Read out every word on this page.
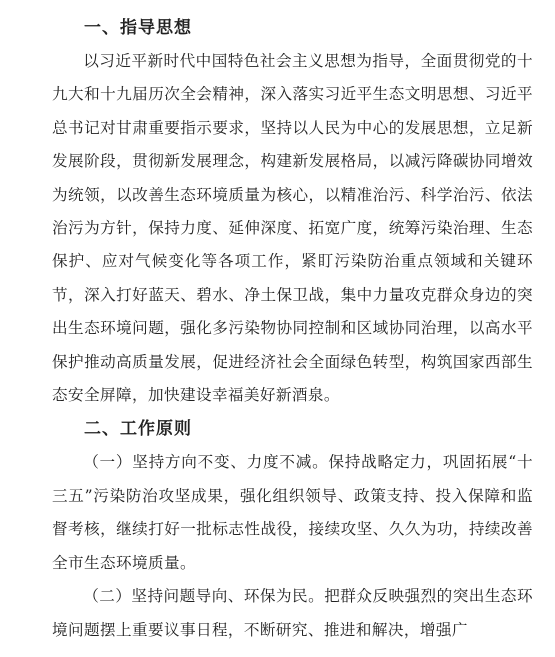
一、指导思想

以习近平新时代中国特色社会主义思想为指导，全面贯彻党的十九大和十九届历次全会精神，深入落实习近平生态文明思想、习近平总书记对甘肃重要指示要求，坚持以人民为中心的发展思想，立足新发展阶段，贯彻新发展理念，构建新发展格局，以减污降碳协同增效为统领，以改善生态环境质量为核心，以精准治污、科学治污、依法治污为方针，保持力度、延伸深度、拓宽广度，统筹污染治理、生态保护、应对气候变化等各项工作，紧盯污染防治重点领域和关键环节，深入打好蓝天、碧水、净土保卫战，集中力量攻克群众身边的突出生态环境问题，强化多污染物协同控制和区域协同治理，以高水平保护推动高质量发展，促进经济社会全面绿色转型，构筑国家西部生态安全屏障，加快建设幸福美好新酒泉。

二、工作原则

（一）坚持方向不变、力度不减。保持战略定力，巩固拓展“十三五”污染防治攻坚成果，强化组织领导、政策支持、投入保障和监督考核，继续打好一批标志性战役，接续攻坚、久久为功，持续改善全市生态环境质量。

（二）坚持问题导向、环保为民。把群众反映强烈的突出生态环境问题摆上重要议事日程，不断研究、推进和解决，增强广
